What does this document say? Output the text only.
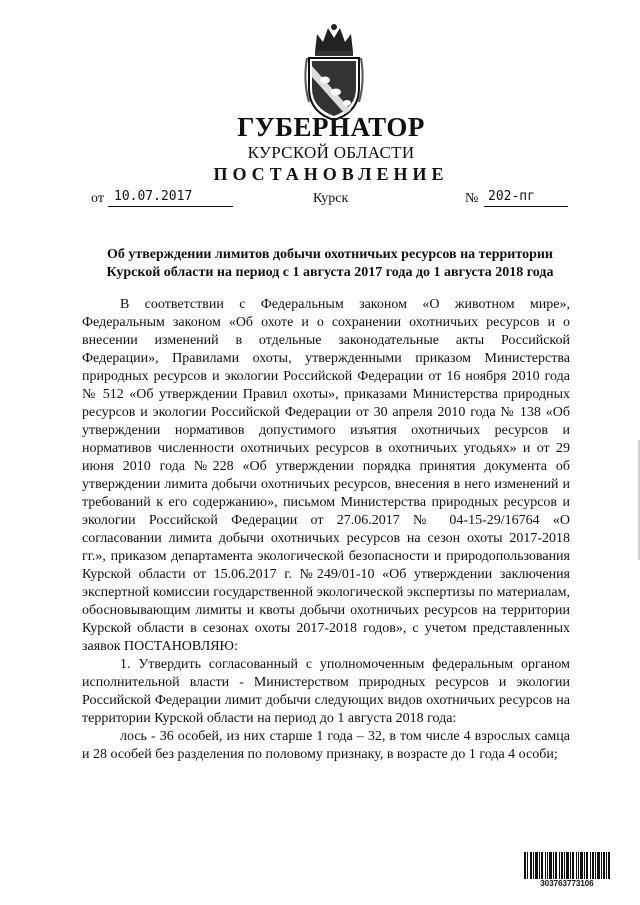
ГУБЕРНАТОР
КУРСКОЙ ОБЛАСТИ
ПОСТАНОВЛЕНИЕ
от 10.07.2017	Курск	№ 202-пг
Об утверждении лимитов добычи охотничьих ресурсов на территории Курской области на период с 1 августа 2017 года до 1 августа 2018 года

В соответствии с Федеральным законом «О животном мире», Федеральным законом «Об охоте и о сохранении охотничьих ресурсов и о внесении изменений в отдельные законодательные акты Российской Федерации», Правилами охоты, утвержденными приказом Министерства природных ресурсов и экологии Российской Федерации от 16 ноября 2010 года № 512 «Об утверждении Правил охоты», приказами Министерства природных ресурсов и экологии Российской Федерации от 30 апреля 2010 года № 138 «Об утверждении нормативов допустимого изъятия охотничьих ресурсов и нормативов численности охотничьих ресурсов в охотничьих угодьях» и от 29 июня 2010 года №228 «Об утверждении порядка принятия документа об утверждении лимита добычи охотничьих ресурсов, внесения в него изменений и требований к его содержанию», письмом Министерства природных ресурсов и экологии Российской Федерации от 27.06.2017 № 04-15-29/16764 «О согласовании лимита добычи охотничьих ресурсов на сезон охоты 2017-2018 гг.», приказом департамента экологической безопасности и природопользования Курской области от 15.06.2017 г. №249/01-10 «Об утверждении заключения экспертной комиссии государственной экологической экспертизы по материалам, обосновывающим лимиты и квоты добычи охотничьих ресурсов на территории Курской области в сезонах охоты 2017-2018 годов», с учетом представленных заявок ПОСТАНОВЛЯЮ:

1. Утвердить согласованный с уполномоченным федеральным органом исполнительной власти - Министерством природных ресурсов и экологии Российской Федерации лимит добычи следующих видов охотничьих ресурсов на территории Курской области на период до 1 августа 2018 года:

лось - 36 особей, из них старше 1 года – 32, в том числе 4 взрослых самца и 28 особей без разделения по половому признаку, в возрасте до 1 года 4 особи;

303763773106
